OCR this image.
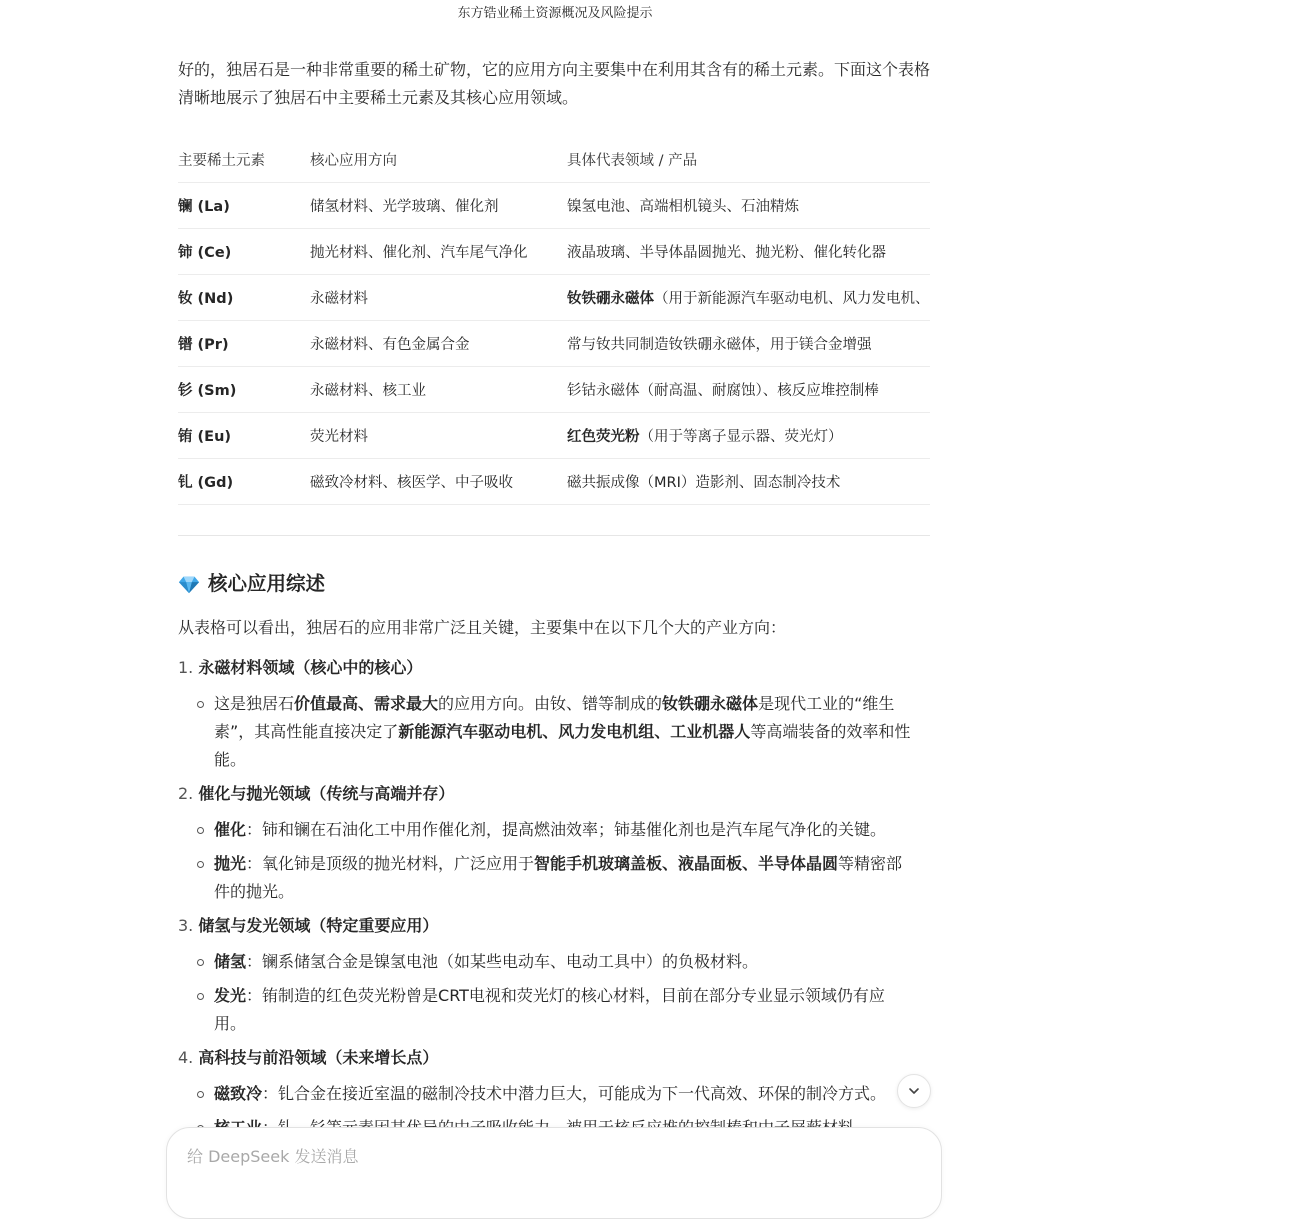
东方锆业稀土资源概况及风险提示

好的，独居石是一种非常重要的稀土矿物，它的应用方向主要集中在利用其含有的稀土元素。下面这个表格清晰地展示了独居石中主要稀土元素及其核心应用领域。

主要稀土元素	核心应用方向	具体代表领域 / 产品
镧 (La)	储氢材料、光学玻璃、催化剂	镍氢电池、高端相机镜头、石油精炼
铈 (Ce)	抛光材料、催化剂、汽车尾气净化	液晶玻璃、半导体晶圆抛光、抛光粉、催化转化器
钕 (Nd)	永磁材料	钕铁硼永磁体（用于新能源汽车驱动电机、风力发电机、
镨 (Pr)	永磁材料、有色金属合金	常与钕共同制造钕铁硼永磁体，用于镁合金增强
钐 (Sm)	永磁材料、核工业	钐钴永磁体（耐高温、耐腐蚀）、核反应堆控制棒
铕 (Eu)	荧光材料	红色荧光粉（用于等离子显示器、荧光灯）
钆 (Gd)	磁致冷材料、核医学、中子吸收	磁共振成像（MRI）造影剂、固态制冷技术
核心应用综述

从表格可以看出，独居石的应用非常广泛且关键，主要集中在以下几个大的产业方向：

1. 永磁材料领域（核心中的核心）
这是独居石价值最高、需求最大的应用方向。由钕、镨等制成的钕铁硼永磁体是现代工业的“维生素”，其高性能直接决定了新能源汽车驱动电机、风力发电机组、工业机器人等高端装备的效率和性能。
2. 催化与抛光领域（传统与高端并存）
催化：铈和镧在石油化工中用作催化剂，提高燃油效率；铈基催化剂也是汽车尾气净化的关键。
抛光：氧化铈是顶级的抛光材料，广泛应用于智能手机玻璃盖板、液晶面板、半导体晶圆等精密部件的抛光。
3. 储氢与发光领域（特定重要应用）
储氢：镧系储氢合金是镍氢电池（如某些电动车、电动工具中）的负极材料。
发光：铕制造的红色荧光粉曾是CRT电视和荧光灯的核心材料，目前在部分专业显示领域仍有应用。
4. 高科技与前沿领域（未来增长点）
磁致冷：钆合金在接近室温的磁制冷技术中潜力巨大，可能成为下一代高效、环保的制冷方式。
给 DeepSeek 发送消息
